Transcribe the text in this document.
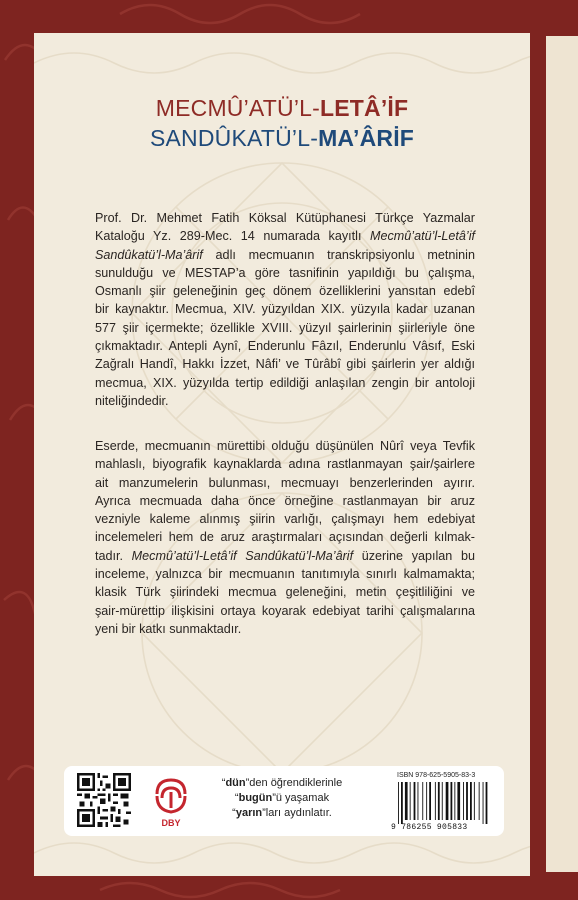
MECMÛ’ATÜ’L-LETÂ’İF
SANDÛKATÜ’L-MA’ÂRİF
Prof. Dr. Mehmet Fatih Köksal Kütüphanesi Türkçe Yazmalar
Kataloğu Yz. 289-Mec. 14 numarada kayıtlı Mecmû’atü’l-Letâ’if
Sandûkatü’l-Ma’ârif adlı mecmuanın transkripsiyonlu metninin
sunulduğu ve MESTAP’a göre tasnifinin yapıldığı bu çalışma,
Osmanlı şiir geleneğinin geç dönem özelliklerini yansıtan edebî
bir kaynaktır. Mecmua, XIV. yüzyıldan XIX. yüzyıla kadar uzanan
577 şiir içermekte; özellikle XVIII. yüzyıl şairlerinin şiirleriyle öne
çıkmaktadır. Antepli Aynî, Enderunlu Fâzıl, Enderunlu Vâsıf, Eski
Zağralı Handî, Hakkı İzzet, Nâfi’ ve Tûrâbî gibi şairlerin yer aldığı
mecmua, XIX. yüzyılda tertip edildiği anlaşılan zengin bir antoloji
niteliğindedir.
Eserde, mecmuanın mürettibi olduğu düşünülen Nûrî veya Tevfik
mahlaslı, biyografik kaynaklarda adına rastlanmayan şair/şairlere
ait manzumelerin bulunması, mecmuayı benzerlerinden ayırır.
Ayrıca mecmuada daha önce örneğine rastlanmayan bir aruz
vezniyle kaleme alınmış şiirin varlığı, çalışmayı hem edebiyat
incelemeleri hem de aruz araştırmaları açısından değerli kılmak-
tadır. Mecmû’atü’l-Letâ’if Sandûkatü’l-Ma’ârif üzerine yapılan bu
inceleme, yalnızca bir mecmuanın tanıtımıyla sınırlı kalmamakta;
klasik Türk şiirindeki mecmua geleneğini, metin çeşitliliğini ve
şair-mürettip ilişkisini ortaya koyarak edebiyat tarihi çalışmalarına
yeni bir katkı sunmaktadır.
DBY
“dün”den öğrendiklerinle
“bugün”ü yaşamak
“yarın”ları aydınlatır.
ISBN 978-625-5905-83-3
9 786255 905833
